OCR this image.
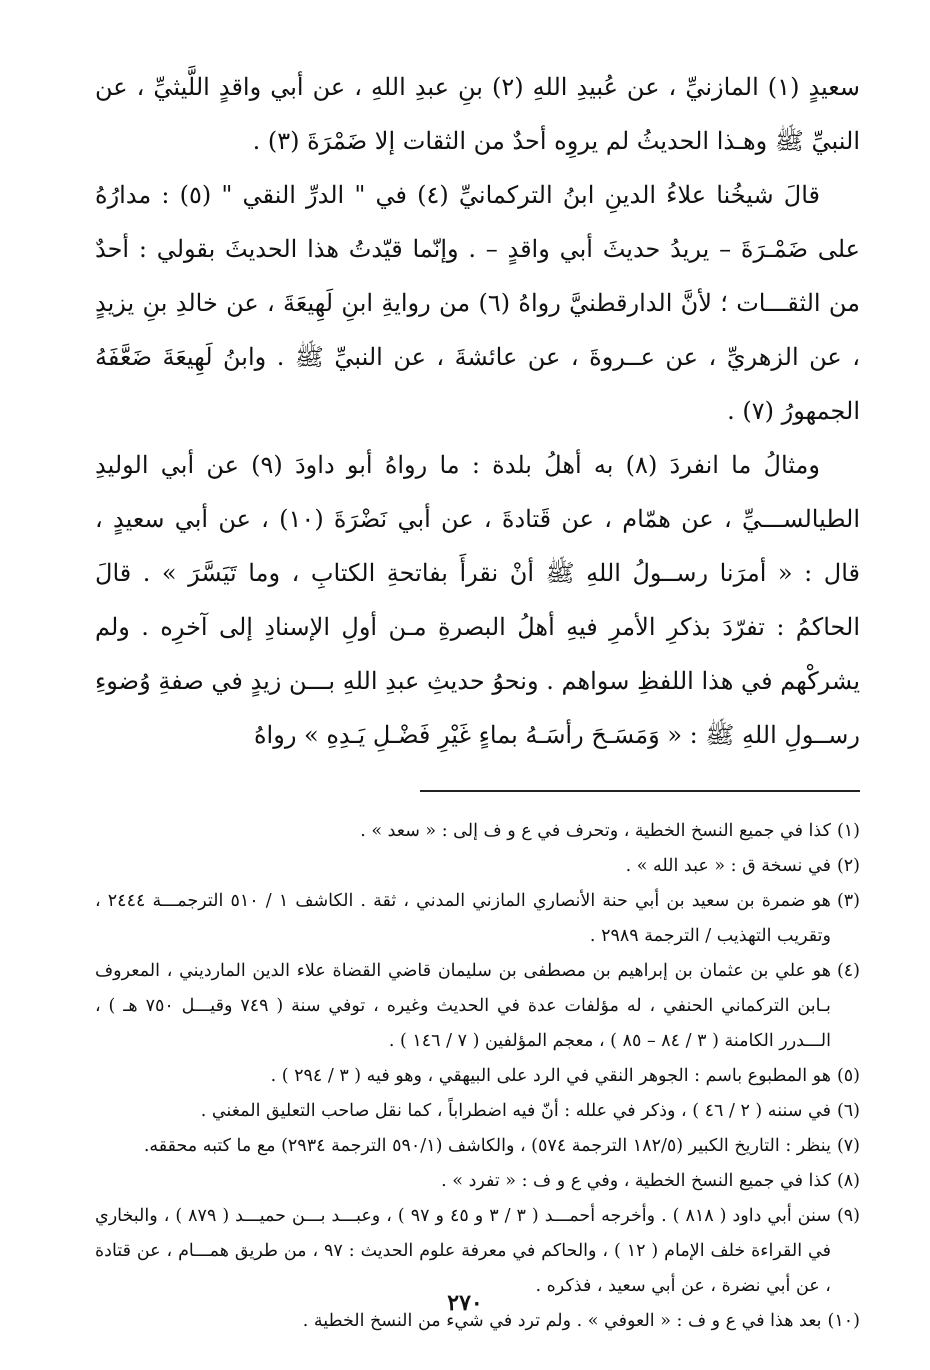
سعيدٍ (١) المازنيِّ ، عن عُبيدِ اللهِ (٢) بنِ عبدِ اللهِ ، عن أبي واقدٍ اللَّيثيِّ ، عن النبيِّ ﷺ وهـذا الحديثُ لم يروِه أحدٌ من الثقات إلا ضَمْرَةَ (٣) .

قالَ شيخُنا علاءُ الدينِ ابنُ التركمانيِّ (٤) في " الدرِّ النقي " (٥) : مدارُهُ على ضَمْـرَةَ – يريدُ حديثَ أبي واقدٍ – . وإنّما قيّدتُ هذا الحديثَ بقولي : أحدٌ من الثقـــات ؛ لأنَّ الدارقطنيَّ رواهُ (٦) من روايةِ ابنِ لَهِيعَةَ ، عن خالدِ بنِ يزيدٍ ، عن الزهريِّ ، عن عــروةَ ، عن عائشةَ ، عن النبيِّ ﷺ . وابنُ لَهِيعَةَ ضَعَّفَهُ الجمهورُ (٧) .

ومثالُ ما انفردَ (٨) به أهلُ بلدة : ما رواهُ أبو داودَ (٩) عن أبي الوليدِ الطيالســـيِّ ، عن همّام ، عن قَتادةَ ، عن أبي نَضْرَةَ (١٠) ، عن أبي سعيدٍ ، قال : « أمرَنا رســولُ اللهِ ﷺ أنْ نقرأَ بفاتحةِ الكتابِ ، وما تَيَسَّرَ » . قالَ الحاكمُ : تفرّدَ بذكرِ الأمرِ فيهِ أهلُ البصرةِ مـن أولِ الإسنادِ إلى آخرِه . ولم يشركْهم في هذا اللفظِ سواهم . ونحوُ حديثِ عبدِ اللهِ بـــن زيدٍ في صفةِ وُضوءِ رســولِ اللهِ ﷺ : « وَمَسَـحَ رأسَـهُ بماءٍ غَيْرِ فَضْـلِ يَـدِهِ » رواهُ

(١)
كذا في جميع النسخ الخطية ، وتحرف في ع و ف إلى : « سعد » .
(٢)
في نسخة ق : « عبد الله » .
(٣)
هو ضمرة بن سعيد بن أبي حنة الأنصاري المازني المدني ، ثقة . الكاشف ١ / ٥١٠ الترجمـــة ٢٤٤٤ ، وتقريب التهذيب / الترجمة ٢٩٨٩ .
(٤)
هو علي بن عثمان بن إبراهيم بن مصطفى بن سليمان قاضي القضاة علاء الدين المارديني ، المعروف بـابن التركماني الحنفي ، له مؤلفات عدة في الحديث وغيره ، توفي سنة ( ٧٤٩ وقيـــل ٧٥٠ هـ ) ، الـــدرر الكامنة ( ٣ / ٨٤ – ٨٥ ) ، معجم المؤلفين ( ٧ / ١٤٦ ) .
(٥)
هو المطبوع باسم : الجوهر النقي في الرد على البيهقي ، وهو فيه ( ٣ / ٢٩٤ ) .
(٦)
في سننه ( ٢ / ٤٦ ) ، وذكر في علله : أنّ فيه اضطراباً ، كما نقل صاحب التعليق المغني .
(٧)
ينظر : التاريخ الكبير (١٨٢/٥ الترجمة ٥٧٤) ، والكاشف (٥٩٠/١ الترجمة ٢٩٣٤) مع ما كتبه محققه.
(٨)
كذا في جميع النسخ الخطية ، وفي ع و ف : « تفرد » .
(٩)
سنن أبي داود ( ٨١٨ ) . وأخرجه أحمـــد ( ٣ / ٣ و ٤٥ و ٩٧ ) ، وعبـــد بـــن حميـــد ( ٨٧٩ ) ، والبخاري في القراءة خلف الإمام ( ١٢ ) ، والحاكم في معرفة علوم الحديث : ٩٧ ، من طريق همـــام ، عن قتادة ، عن أبي نضرة ، عن أبي سعيد ، فذكره .
(١٠)
بعد هذا في ع و ف : « العوفي » . ولم ترد في شيء من النسخ الخطية .
٢٧٠
